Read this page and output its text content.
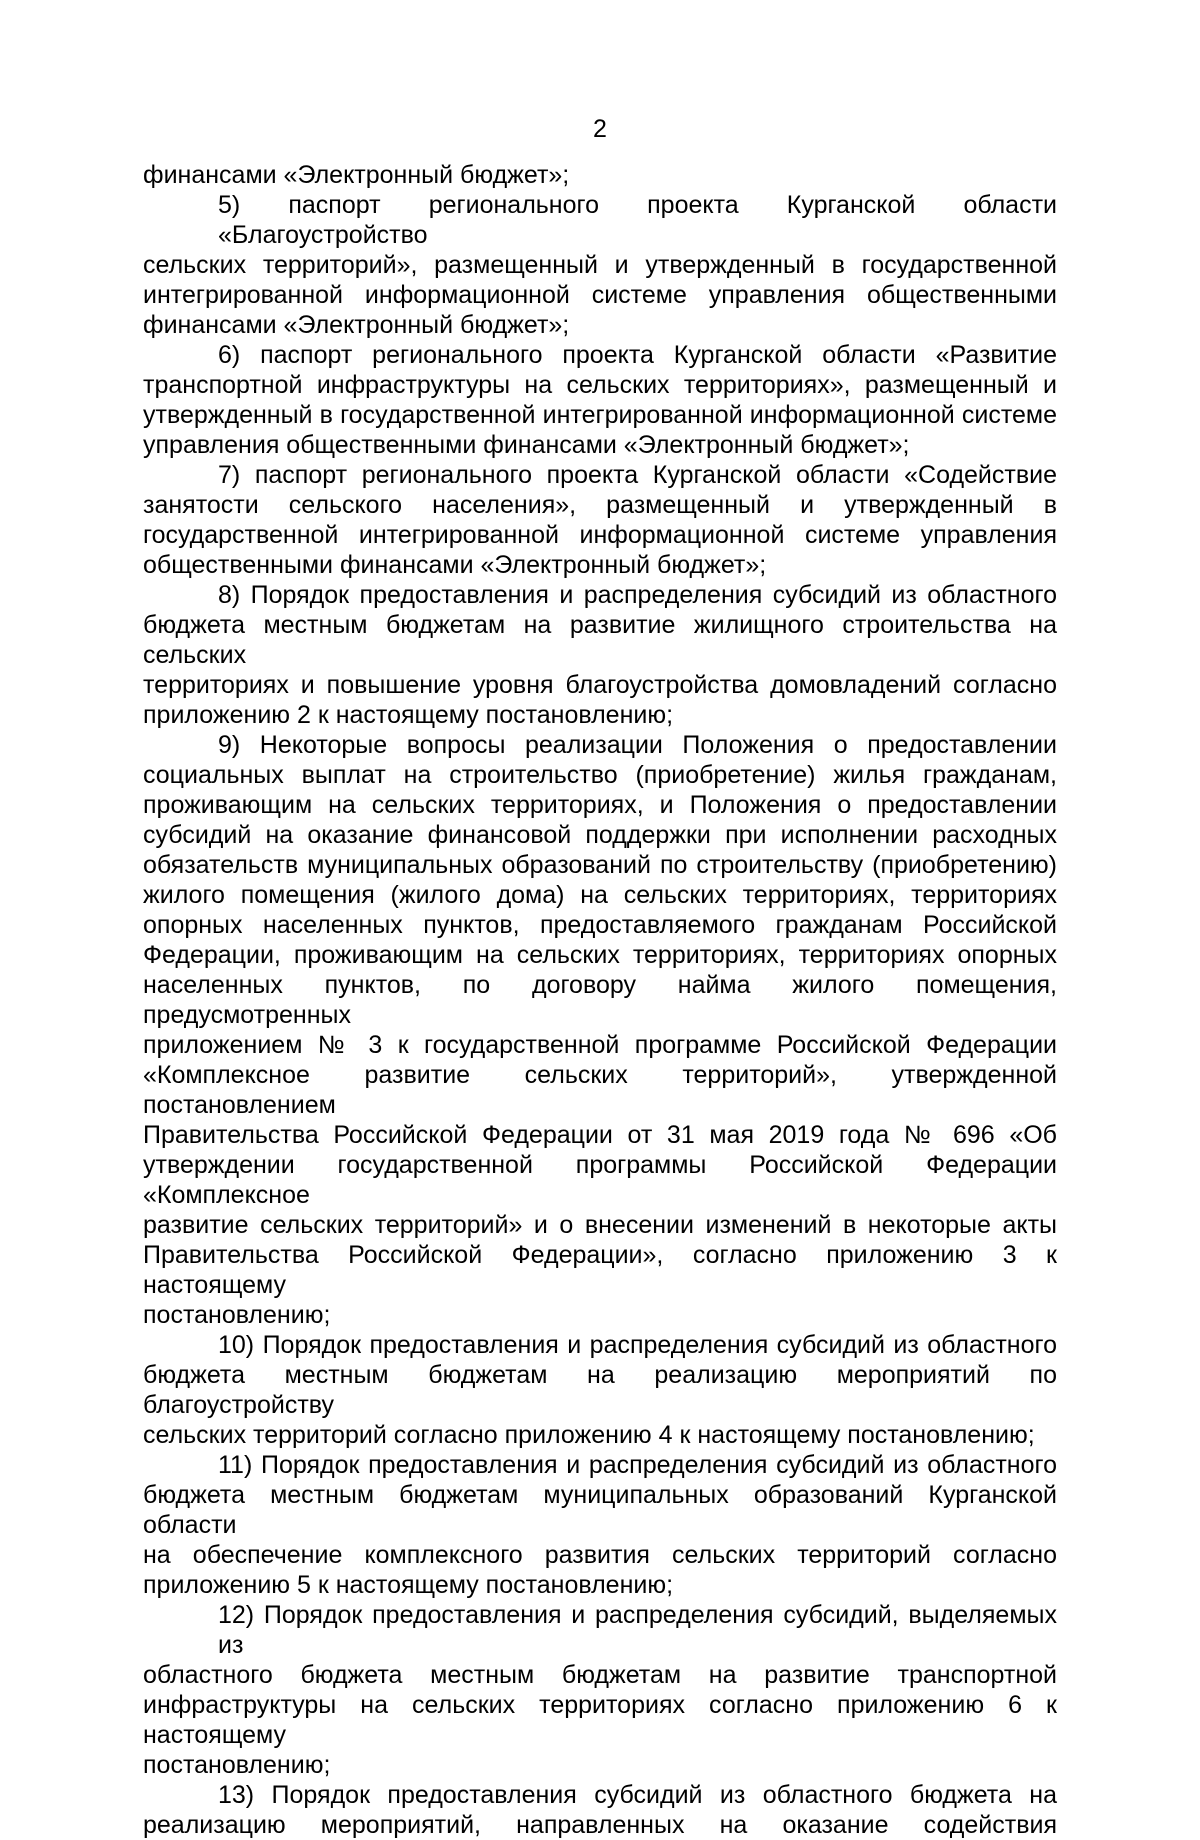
2
финансами «Электронный бюджет»;
5) паспорт регионального проекта Курганской области «Благоустройство
сельских территорий», размещенный и утвержденный в государственной
интегрированной информационной системе управления общественными
финансами «Электронный бюджет»;
6) паспорт регионального проекта Курганской области «Развитие
транспортной инфраструктуры на сельских территориях», размещенный и
утвержденный в государственной интегрированной информационной системе
управления общественными финансами «Электронный бюджет»;
7) паспорт регионального проекта Курганской области «Содействие
занятости сельского населения», размещенный и утвержденный в
государственной интегрированной информационной системе управления
общественными финансами «Электронный бюджет»;
8) Порядок предоставления и распределения субсидий из областного
бюджета местным бюджетам на развитие жилищного строительства на сельских
территориях и повышение уровня благоустройства домовладений согласно
приложению 2 к настоящему постановлению;
9) Некоторые вопросы реализации Положения о предоставлении
социальных выплат на строительство (приобретение) жилья гражданам,
проживающим на сельских территориях, и Положения о предоставлении
субсидий на оказание финансовой поддержки при исполнении расходных
обязательств муниципальных образований по строительству (приобретению)
жилого помещения (жилого дома) на сельских территориях, территориях
опорных населенных пунктов, предоставляемого гражданам Российской
Федерации, проживающим на сельских территориях, территориях опорных
населенных пунктов, по договору найма жилого помещения, предусмотренных
приложением № 3 к государственной программе Российской Федерации
«Комплексное развитие сельских территорий», утвержденной постановлением
Правительства Российской Федерации от 31 мая 2019 года № 696 «Об
утверждении государственной программы Российской Федерации «Комплексное
развитие сельских территорий» и о внесении изменений в некоторые акты
Правительства Российской Федерации», согласно приложению 3 к настоящему
постановлению;
10) Порядок предоставления и распределения субсидий из областного
бюджета местным бюджетам на реализацию мероприятий по благоустройству
сельских территорий согласно приложению 4 к настоящему постановлению;
11) Порядок предоставления и распределения субсидий из областного
бюджета местным бюджетам муниципальных образований Курганской области
на обеспечение комплексного развития сельских территорий согласно
приложению 5 к настоящему постановлению;
12) Порядок предоставления и распределения субсидий, выделяемых из
областного бюджета местным бюджетам на развитие транспортной
инфраструктуры на сельских территориях согласно приложению 6 к настоящему
постановлению;
13) Порядок предоставления субсидий из областного бюджета на
реализацию мероприятий, направленных на оказание содействия
